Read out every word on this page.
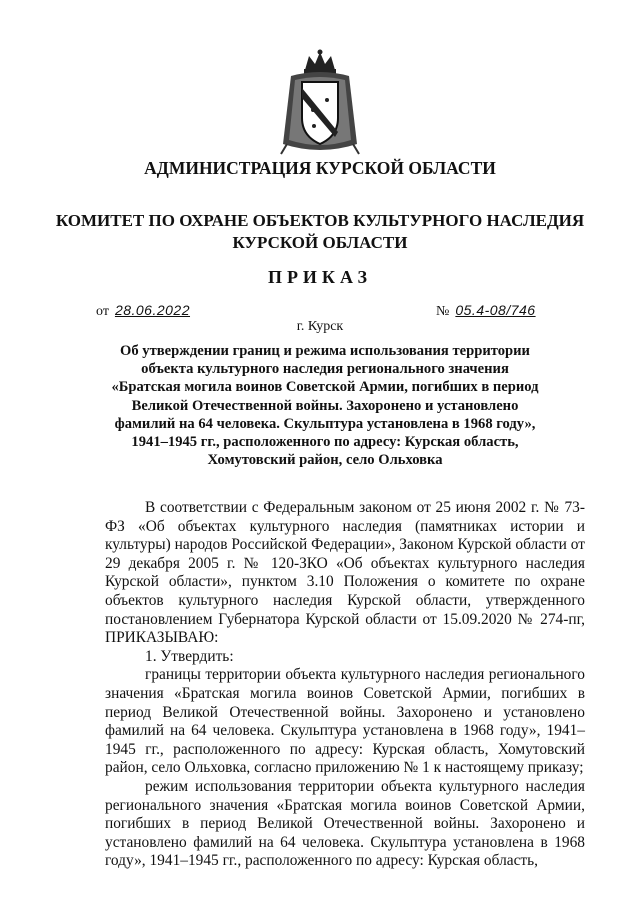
АДМИНИСТРАЦИЯ КУРСКОЙ ОБЛАСТИ
КОМИТЕТ ПО ОХРАНЕ ОБЪЕКТОВ КУЛЬТУРНОГО НАСЛЕДИЯ
КУРСКОЙ ОБЛАСТИ
ПРИКАЗ
от 28.06.2022	№ 05.4-08/746
г. Курск
Об утверждении границ и режима использования территории объекта культурного наследия регионального значения «Братская могила воинов Советской Армии, погибших в период Великой Отечественной войны. Захоронено и установлено фамилий на 64 человека. Скульптура установлена в 1968 году», 1941–1945 гг., расположенного по адресу: Курская область, Хомутовский район, село Ольховка

В соответствии с Федеральным законом от 25 июня 2002 г. № 73-ФЗ «Об объектах культурного наследия (памятниках истории и культуры) народов Российской Федерации», Законом Курской области от 29 декабря 2005 г. № 120-ЗКО «Об объектах культурного наследия Курской области», пунктом 3.10 Положения о комитете по охране объектов культурного наследия Курской области, утвержденного постановлением Губернатора Курской области от 15.09.2020 № 274-пг, ПРИКАЗЫВАЮ:

1. Утвердить:

границы территории объекта культурного наследия регионального значения «Братская могила воинов Советской Армии, погибших в период Великой Отечественной войны. Захоронено и установлено фамилий на 64 человека. Скульптура установлена в 1968 году», 1941–1945 гг., расположенного по адресу: Курская область, Хомутовский район, село Ольховка, согласно приложению № 1 к настоящему приказу;

режим использования территории объекта культурного наследия регионального значения «Братская могила воинов Советской Армии, погибших в период Великой Отечественной войны. Захоронено и установлено фамилий на 64 человека. Скульптура установлена в 1968 году», 1941–1945 гг., расположенного по адресу: Курская область,
